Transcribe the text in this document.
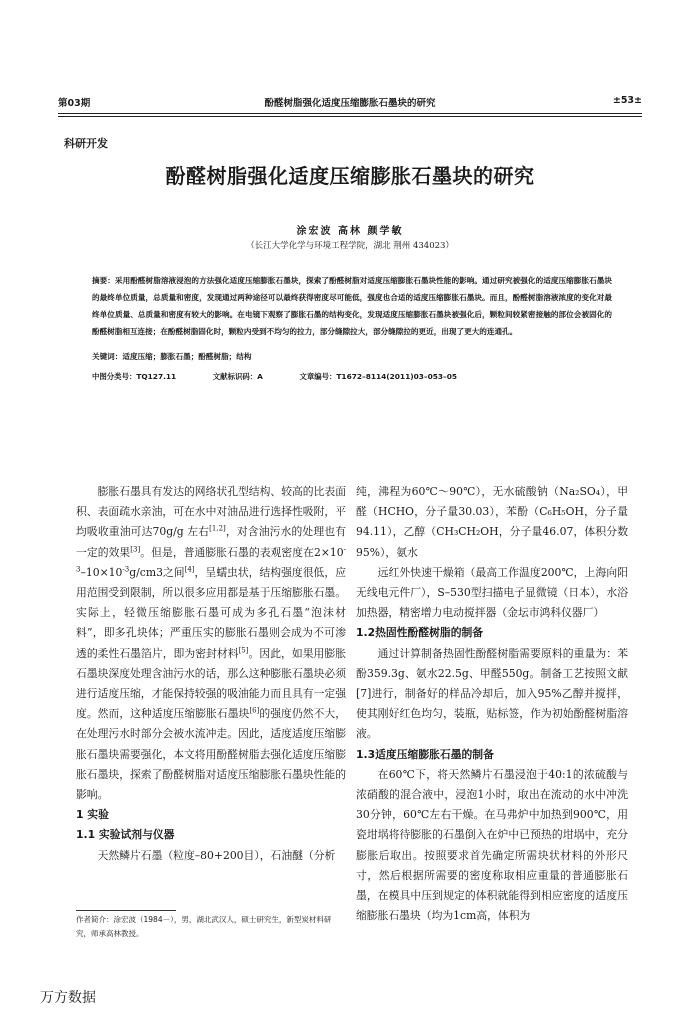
第03期	酚醛树脂强化适度压缩膨胀石墨块的研究	±53±
科研开发
酚醛树脂强化适度压缩膨胀石墨块的研究
涂宏波 高林 颜学敏
（长江大学化学与环境工程学院，湖北 荆州 434023）
摘要：采用酚醛树脂溶液浸泡的方法强化适度压缩膨胀石墨块，探索了酚醛树脂对适度压缩膨胀石墨块性能的影响。通过研究被强化的适度压缩膨胀石墨块的最终单位质量，总质量和密度，发现通过两种途径可以最终获得密度尽可能低，强度也合适的适度压缩膨胀石墨块。而且，酚醛树脂溶液浓度的变化对最终单位质量、总质量和密度有较大的影响。在电镜下观察了膨胀石墨的结构变化，发现适度压缩膨胀石墨块被强化后，颗粒间较紧密接触的部位会被固化的酚醛树脂相互连接；在酚醛树脂固化时，颗粒内受到不均匀的拉力，部分缝隙拉大，部分缝隙拉的更近，出现了更大的连通孔。
关键词：适度压缩；膨胀石墨；酚醛树脂；结构
中图分类号：TQ127.11	文献标识码：A	文章编号：T1672–8114(2011)03–053–05

膨胀石墨具有发达的网络状孔型结构、较高的比表面积、表面疏水亲油，可在水中对油品进行选择性吸附，平均吸收重油可达70g/g 左右[1,2]，对含油污水的处理也有一定的效果[3]。但是，普通膨胀石墨的表观密度在$2\times 10^{-3}-10\times 10^{-3}g/cm3$之间[4]，呈蠕虫状，结构强度很低，应用范围受到限制，所以很多应用都是基于压缩膨胀石墨。实际上，轻微压缩膨胀石墨可成为多孔石墨“泡沫材料”，即多孔块体；严重压实的膨胀石墨则会成为不可渗透的柔性石墨箔片，即为密封材料[5]。因此，如果用膨胀石墨块深度处理含油污水的话，那么这种膨胀石墨块必须进行适度压缩，才能保持较强的吸油能力而且具有一定强度。然而，这种适度压缩膨胀石墨块[6]的强度仍然不大，在处理污水时部分会被水流冲走。因此，适度适度压缩膨胀石墨块需要强化，本文将用酚醛树脂去强化适度压缩膨胀石墨块，探索了酚醛树脂对适度压缩膨胀石墨块性能的影响。

1 实验
1.1 实验试剂与仪器

天然鳞片石墨（粒度–80+200目），石油醚（分析

纯，沸程为60℃～90℃），无水硫酸钠（Na₂SO₄），甲醛（HCHO，分子量30.03），苯酚（C₆H₅OH，分子量94.11），乙醇（CH₃CH₂OH，分子量46.07，体积分数95%），氨水

远红外快速干燥箱（最高工作温度200℃，上海向阳无线电元件厂），S–530型扫描电子显微镜（日本），水浴加热器，精密增力电动搅拌器（金坛市鸿科仪器厂）

1.2热固性酚醛树脂的制备

通过计算制备热固性酚醛树脂需要原料的重量为：苯酚359.3g、氨水22.5g、甲醛550g。制备工艺按照文献[7]进行，制备好的样品冷却后，加入95%乙醇并搅拌，使其刚好红色均匀，装瓶，贴标签，作为初始酚醛树脂溶液。

1.3适度压缩膨胀石墨的制备

在60℃下，将天然鳞片石墨浸泡于40:1的浓硫酸与浓硝酸的混合液中，浸泡1小时，取出在流动的水中冲洗30分钟，60℃左右干燥。在马弗炉中加热到900℃，用瓷坩埚将待膨胀的石墨倒入在炉中已预热的坩埚中，充分膨胀后取出。按照要求首先确定所需块状材料的外形尺寸，然后根据所需要的密度称取相应重量的普通膨胀石墨，在模具中压到规定的体积就能得到相应密度的适度压缩膨胀石墨块（均为1cm高，体积为

作者简介：涂宏波（1984－），男，湖北武汉人，硕士研究生，新型炭材料研究，师承高林教授。
万方数据
